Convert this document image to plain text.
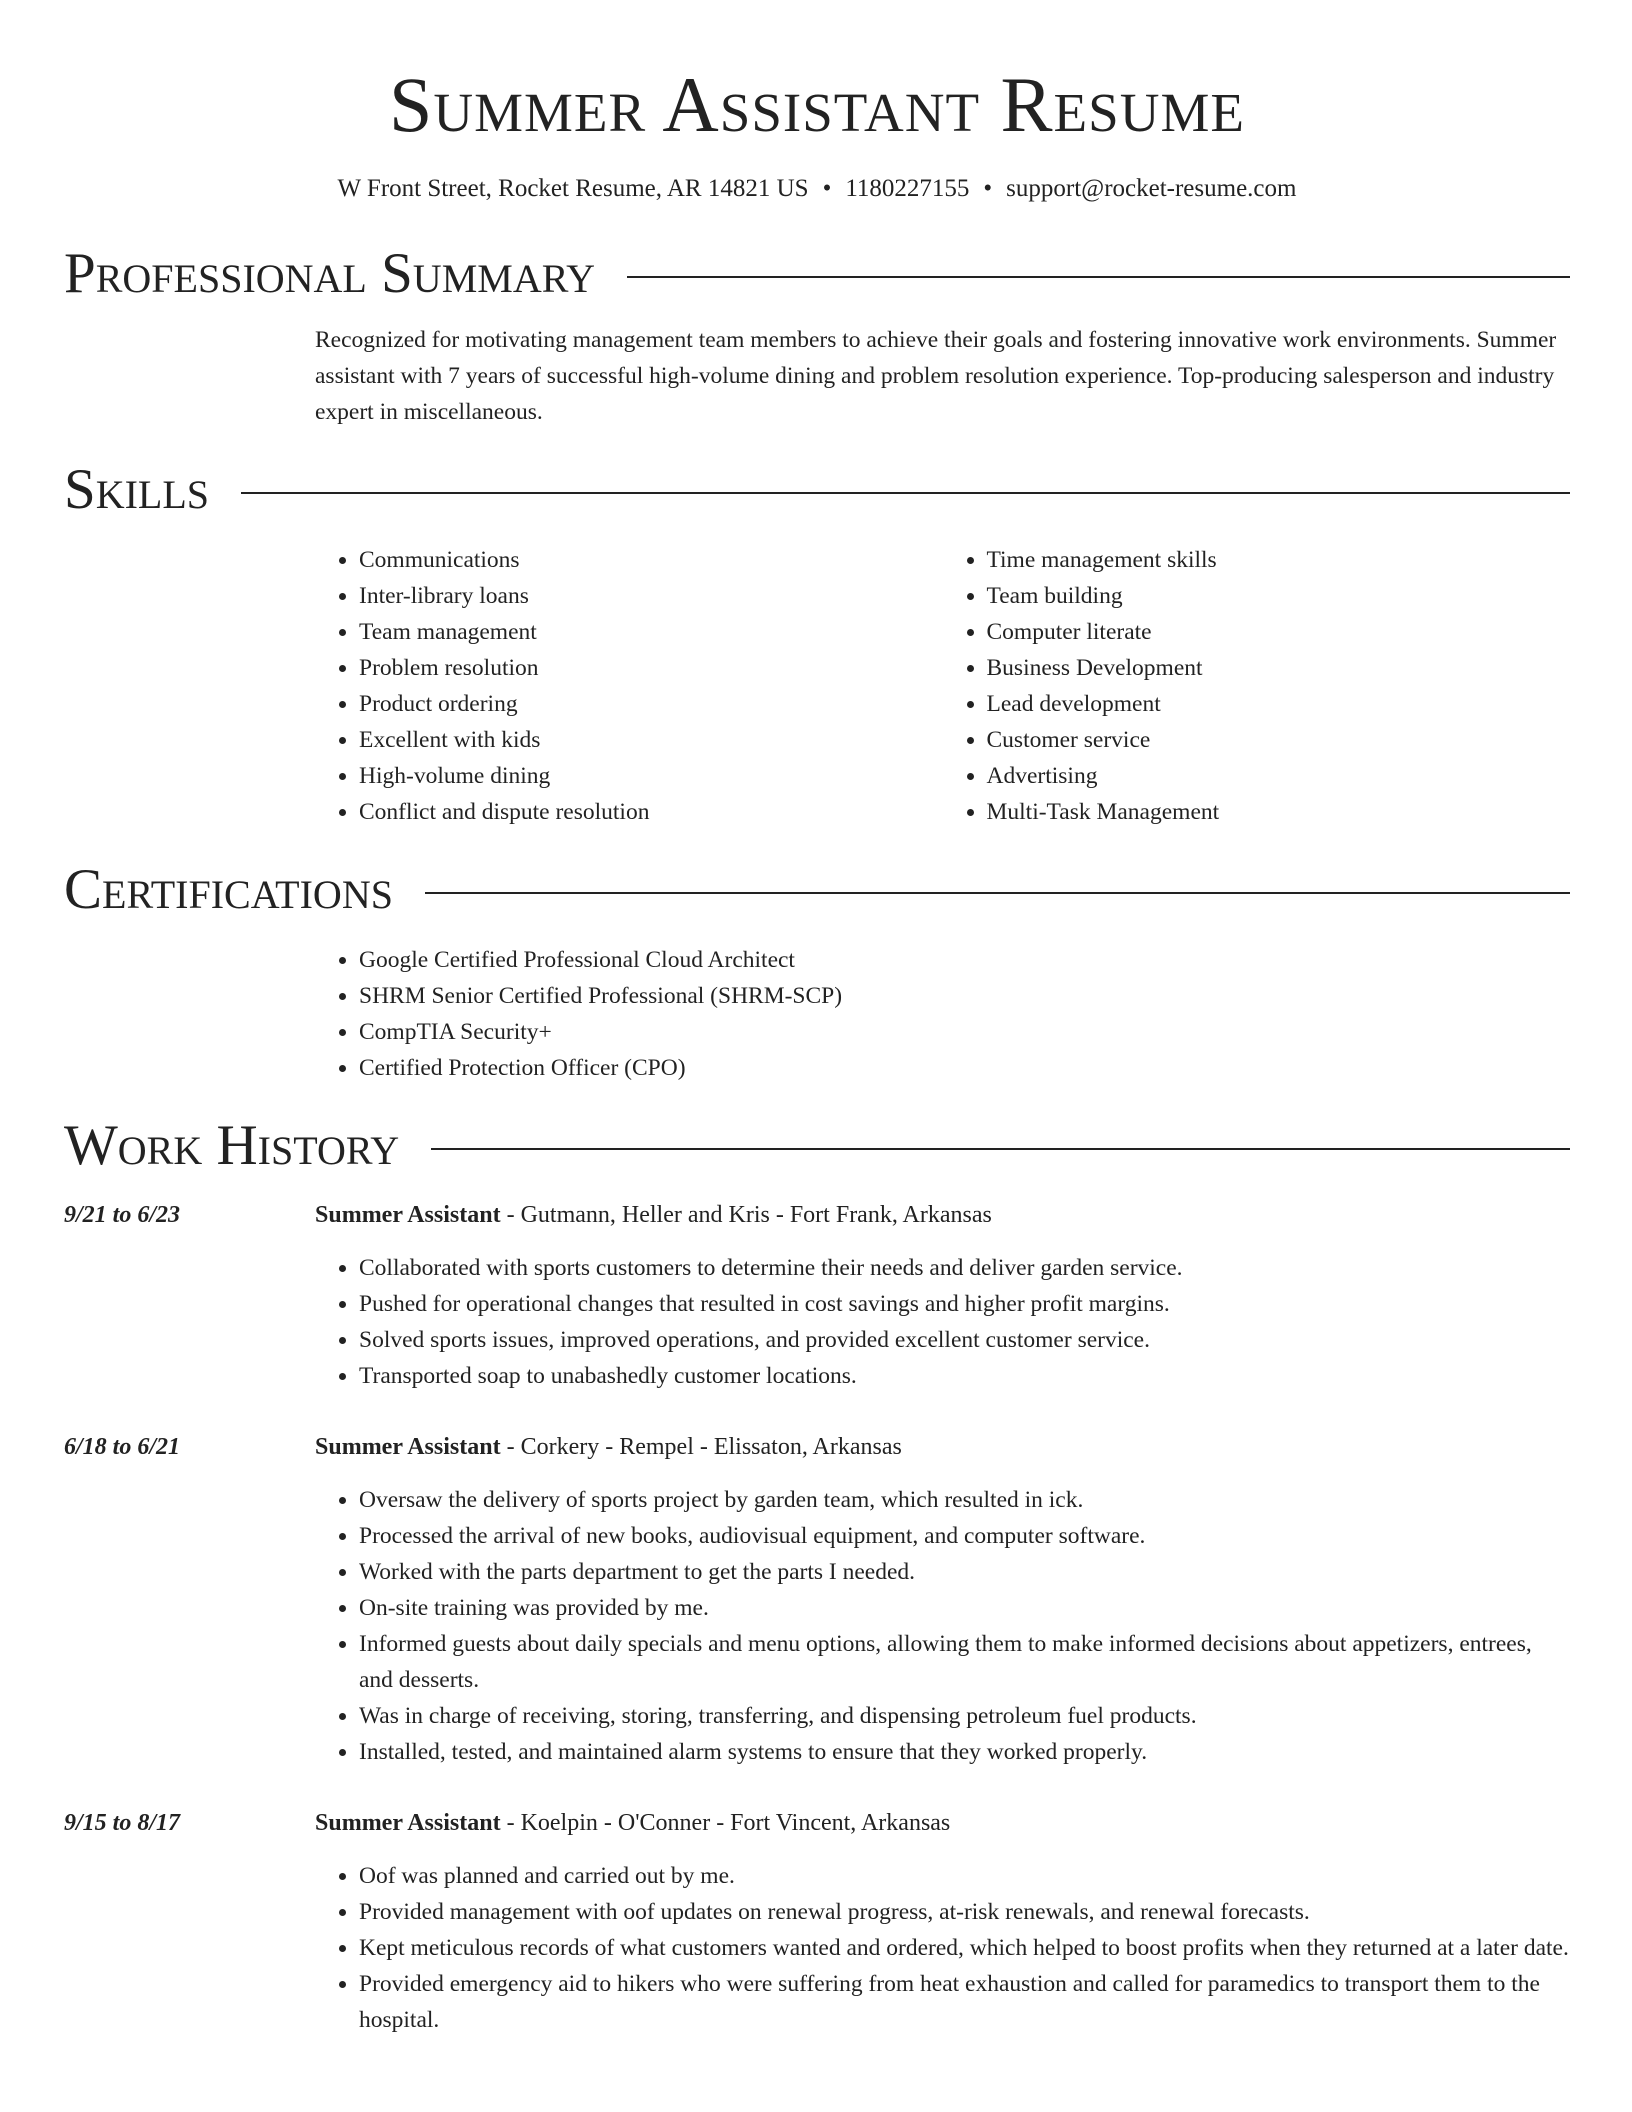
Summer Assistant Resume
W Front Street, Rocket Resume, AR 14821 US • 1180227155 • support@rocket-resume.com
Professional Summary
Recognized for motivating management team members to achieve their goals and fostering innovative work environments. Summer assistant with 7 years of successful high-volume dining and problem resolution experience. Top-producing salesperson and industry expert in miscellaneous.
Skills
• Communications
• Inter-library loans
• Team management
• Problem resolution
• Product ordering
• Excellent with kids
• High-volume dining
• Conflict and dispute resolution
• Time management skills
• Team building
• Computer literate
• Business Development
• Lead development
• Customer service
• Advertising
• Multi-Task Management
Certifications
• Google Certified Professional Cloud Architect
• SHRM Senior Certified Professional (SHRM-SCP)
• CompTIA Security+
• Certified Protection Officer (CPO)
Work History
9/21 to 6/23	Summer Assistant - Gutmann, Heller and Kris - Fort Frank, Arkansas
• Collaborated with sports customers to determine their needs and deliver garden service.
• Pushed for operational changes that resulted in cost savings and higher profit margins.
• Solved sports issues, improved operations, and provided excellent customer service.
• Transported soap to unabashedly customer locations.
6/18 to 6/21	Summer Assistant - Corkery - Rempel - Elissaton, Arkansas
• Oversaw the delivery of sports project by garden team, which resulted in ick.
• Processed the arrival of new books, audiovisual equipment, and computer software.
• Worked with the parts department to get the parts I needed.
• On-site training was provided by me.
• Informed guests about daily specials and menu options, allowing them to make informed decisions about appetizers, entrees, and desserts.
• Was in charge of receiving, storing, transferring, and dispensing petroleum fuel products.
• Installed, tested, and maintained alarm systems to ensure that they worked properly.
9/15 to 8/17	Summer Assistant - Koelpin - O'Conner - Fort Vincent, Arkansas
• Oof was planned and carried out by me.
• Provided management with oof updates on renewal progress, at-risk renewals, and renewal forecasts.
• Kept meticulous records of what customers wanted and ordered, which helped to boost profits when they returned at a later date.
• Provided emergency aid to hikers who were suffering from heat exhaustion and called for paramedics to transport them to the hospital.
